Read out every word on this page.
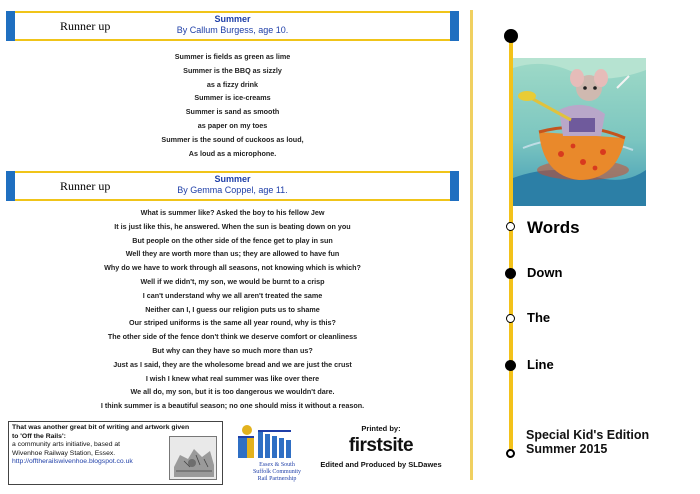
Runner up	Summer
By Callum Burgess, age 10.
Summer is fields as green as lime
Summer is the BBQ as sizzly
as a fizzy drink
Summer is ice-creams
Summer is sand as smooth
as paper on my toes
Summer is the sound of cuckoos as loud,
As loud as a microphone.
Runner up	Summer
By Gemma Coppel, age 11.
What is summer like? Asked the boy to his fellow Jew
It is just like this, he answered. When the sun is beating down on you
But people on the other side of the fence get to play in sun
Well they are worth more than us; they are allowed to have fun
Why do we have to work through all seasons, not knowing which is which?
Well if we didn't, my son, we would be burnt to a crisp
I can't understand why we all aren't treated the same
Neither can I, I guess our religion puts us to shame
Our striped uniforms is the same all year round, why is this?
The other side of the fence don't think we deserve comfort or cleanliness
But why can they have so much more than us?
Just as I said, they are the wholesome bread and we are just the crust
I wish I knew what real summer was like over there
We all do, my son, but it is too dangerous we wouldn't dare.
I think summer is a beautiful season; no one should miss it without a reason.
That was another great bit of writing and artwork given
to 'Off the Rails':
a community arts initiative, based at
Wivenhoe Railway Station, Essex.
http://offtherailswivenhoe.blogspot.co.uk	Essex & South
Suffolk Community
Rail Partnership
Printed by:
firstsite
Edited and Produced by SLDawes
Words
Down
The
Line
Special Kid's Edition
Summer 2015
